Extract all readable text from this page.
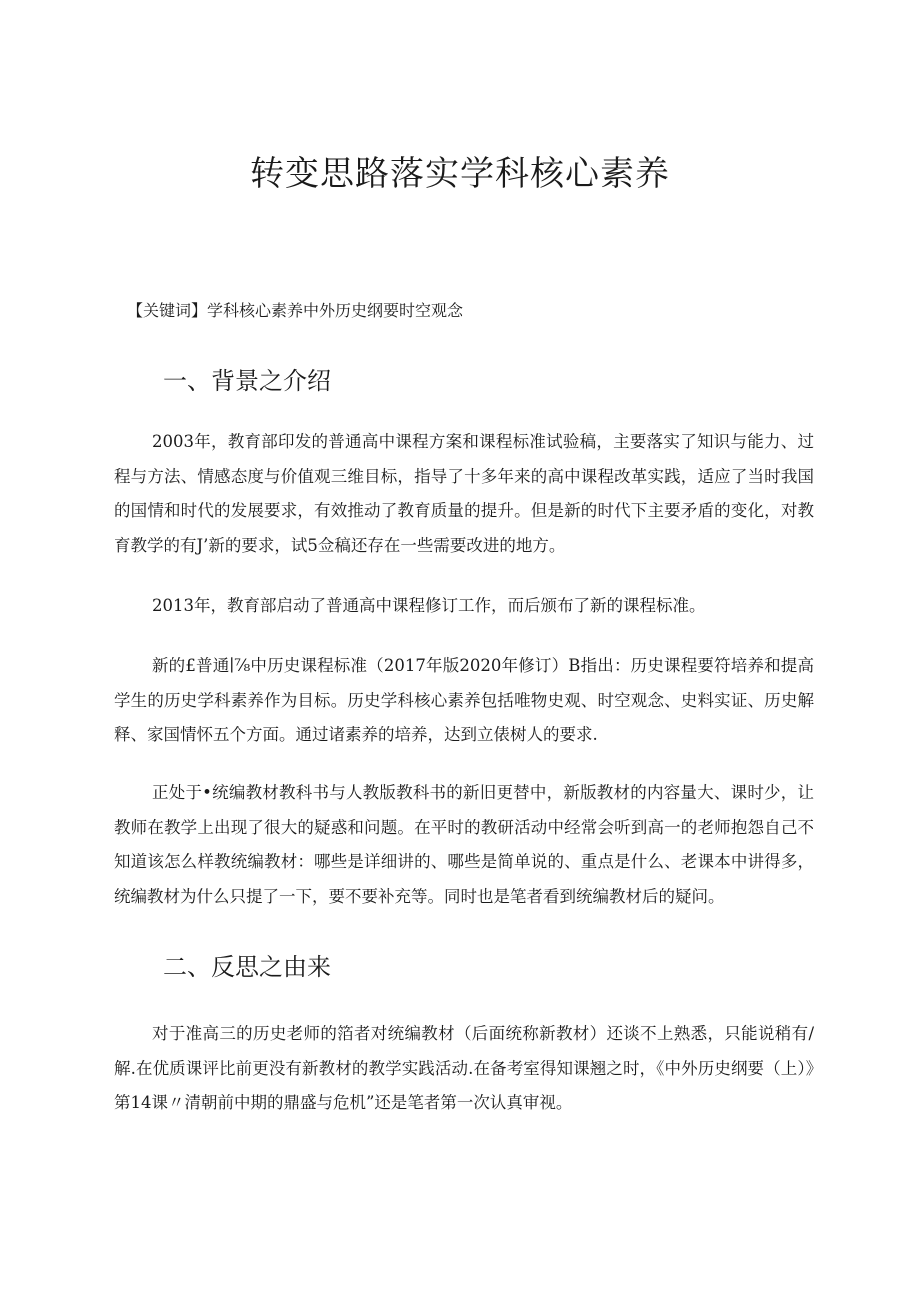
转变思路落实学科核心素养

【关键词】学科核心素养中外历史纲要时空观念

一、背景之介绍

2003年，教育部印发的普通高中课程方案和课程标准试验稿，主要落实了知识与能力、过程与方法、情感态度与价值观三维目标，指导了十多年来的高中课程改革实践，适应了当时我国的国情和时代的发展要求，有效推动了教育质量的提升。但是新的时代下主要矛盾的变化，对教育教学的有J’新的要求，试5佥稿还存在一些需要改进的地方。

2013年，教育部启动了普通高中课程修订工作，而后颁布了新的课程标准。

新的£普通∣⅞中历史课程标准（2017年版2020年修订）B指出：历史课程要符培养和提高学生的历史学科素养作为目标。历史学科核心素养包括唯物史观、时空观念、史料实证、历史解释、家国情怀五个方面。通过诸素养的培养，达到立俵树人的要求.

正处于•统编教材教科书与人教版教科书的新旧更替中，新版教材的内容量大、课时少，让教师在教学上出现了很大的疑惑和问题。在平时的教研活动中经常会听到高一的老师抱怨自己不知道该怎么样教统编教材：哪些是详细讲的、哪些是简单说的、重点是什么、老课本中讲得多，统编教材为什么只提了一下，要不要补充等。同时也是笔者看到统编教材后的疑问。

二、反思之由来

对于准高三的历史老师的箔者对统编教材（后面统称新教材）还谈不上熟悉，只能说稍有/解.在优质课评比前更没有新教材的教学实践活动.在备考室得知课翘之时，《中外历史纲要（上）》第14课〃清朝前中期的鼎盛与危机”还是笔者第一次认真审视。
